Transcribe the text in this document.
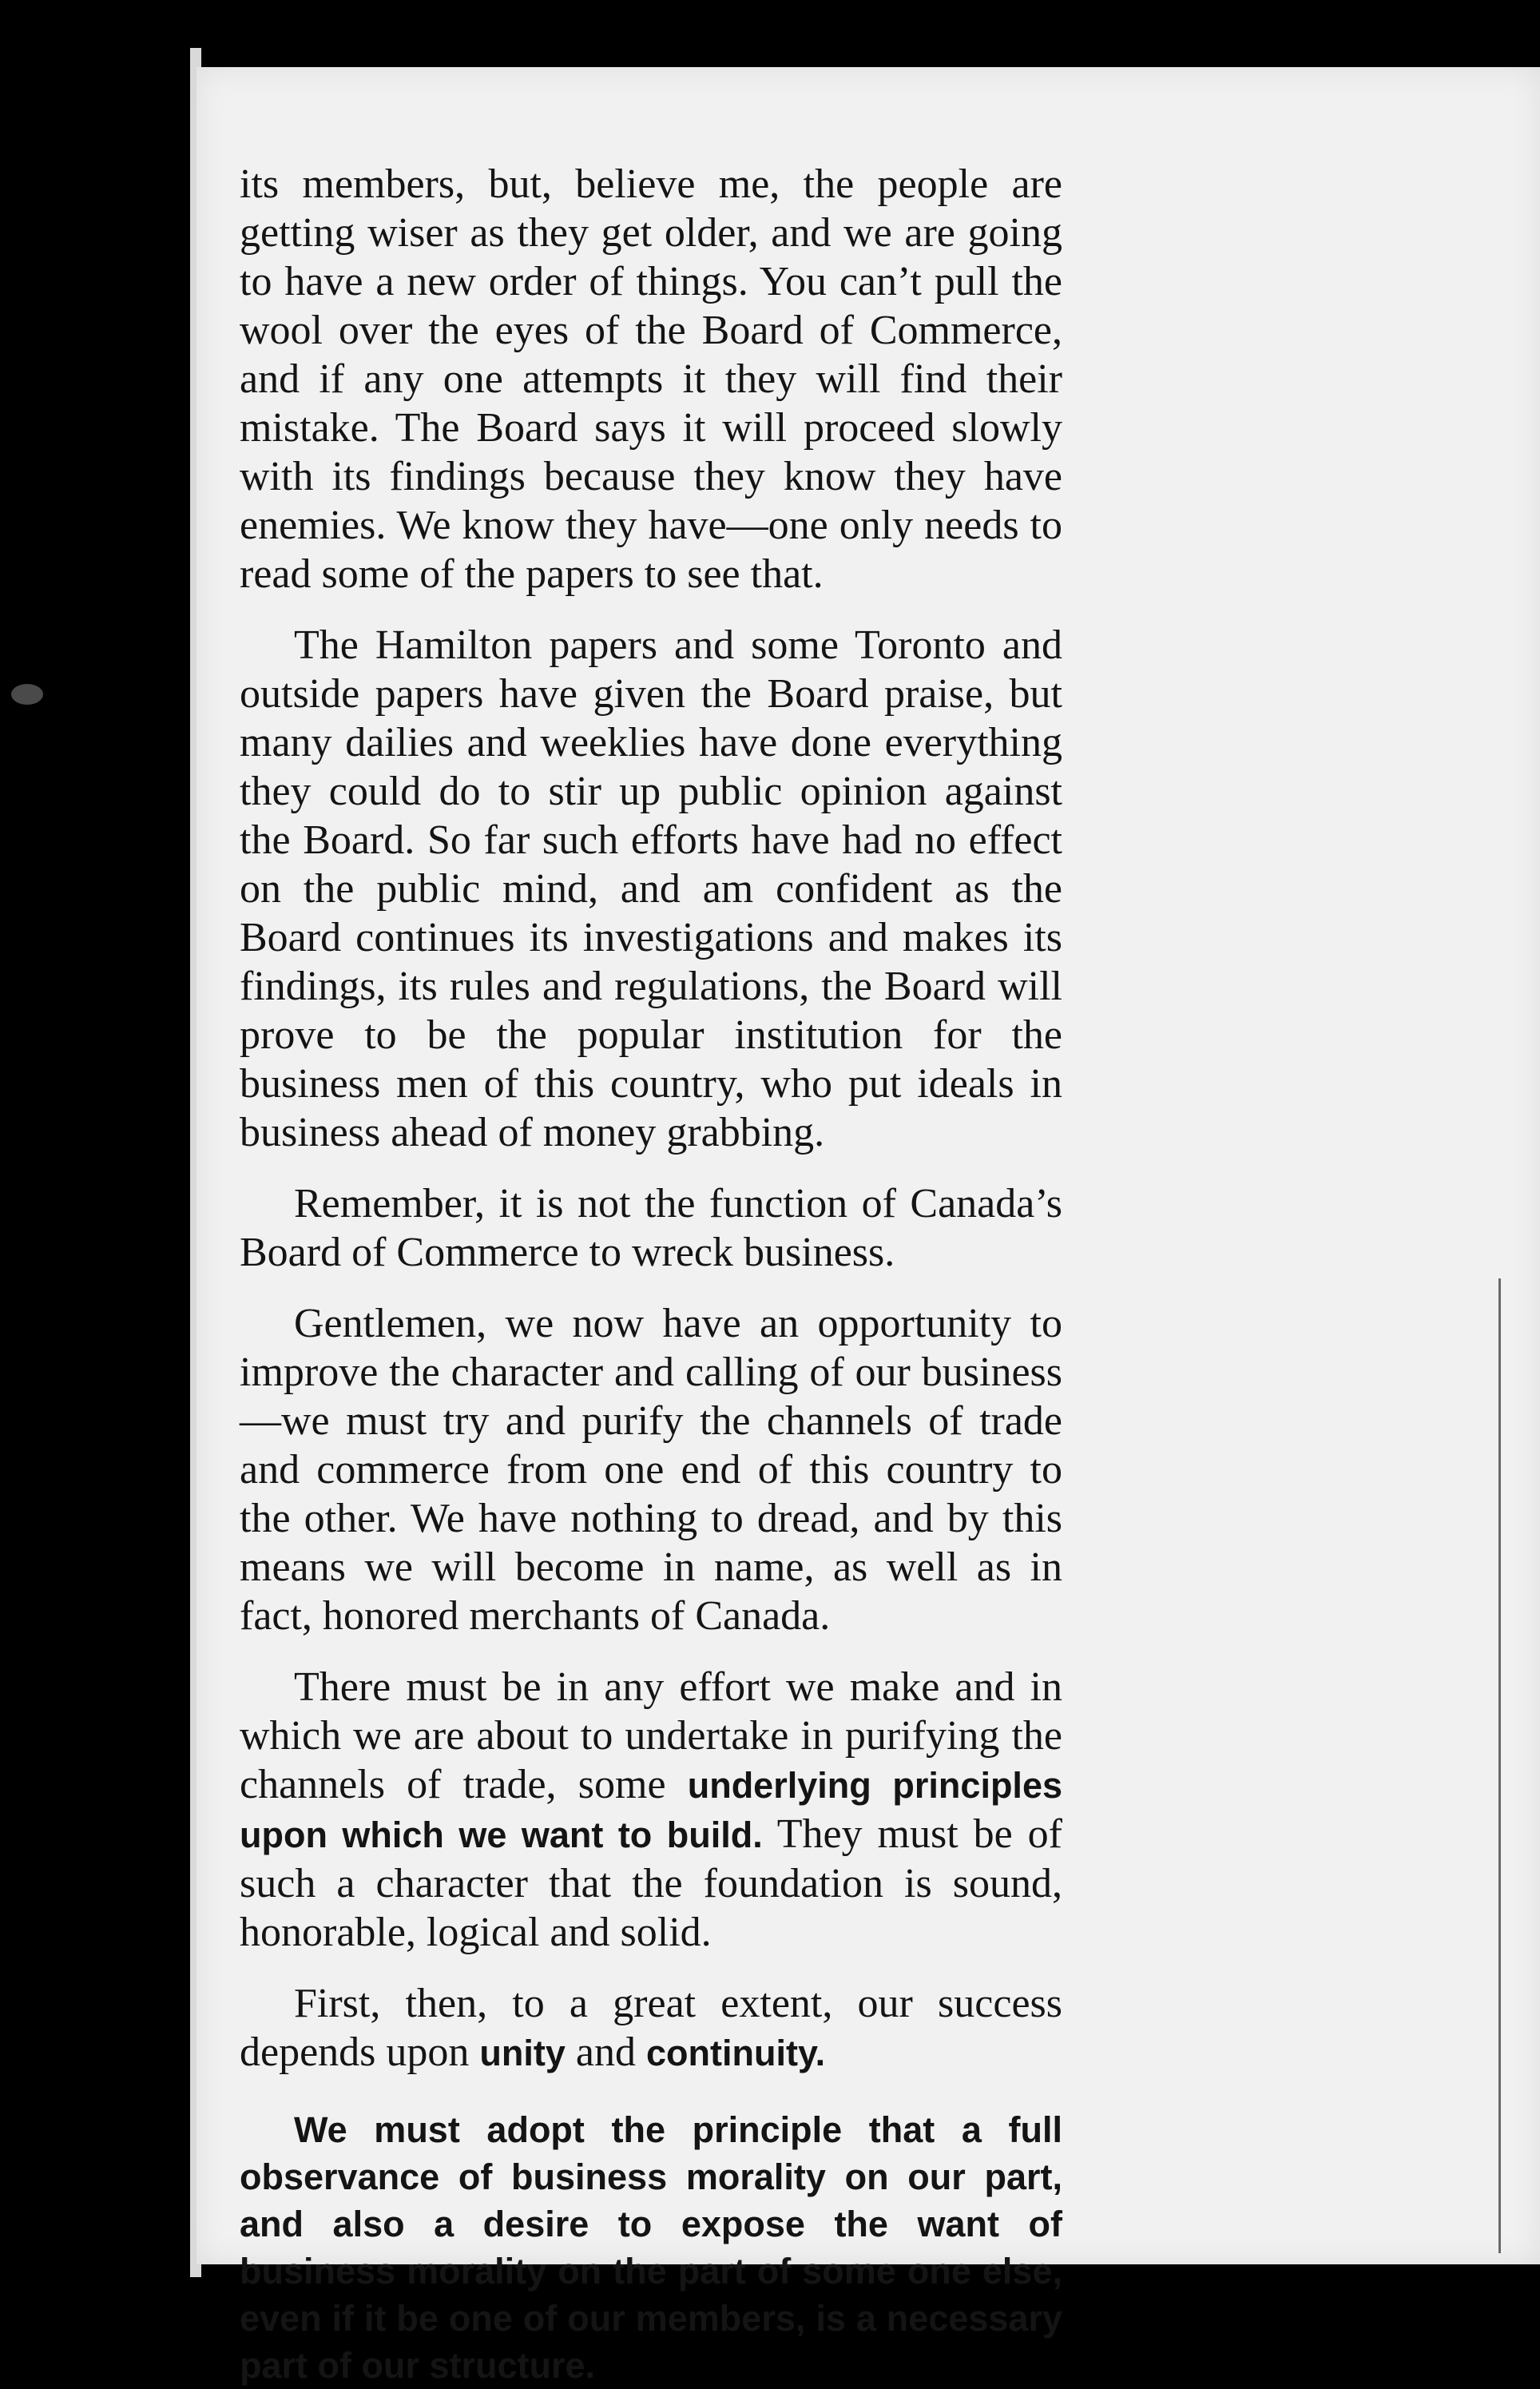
its members, but, believe me, the people are getting wiser as they get older, and we are going to have a new order of things. You can’t pull the wool over the eyes of the Board of Commerce, and if any one attempts it they will find their mistake. The Board says it will proceed slowly with its findings because they know they have enemies. We know they have—one only needs to read some of the papers to see that.

The Hamilton papers and some Toronto and outside papers have given the Board praise, but many dailies and weeklies have done everything they could do to stir up public opinion against the Board. So far such efforts have had no effect on the public mind, and am confident as the Board continues its investigations and makes its findings, its rules and regulations, the Board will prove to be the popular institution for the business men of this country, who put ideals in business ahead of money grabbing.

Remember, it is not the function of Canada’s Board of Commerce to wreck business.

Gentlemen, we now have an opportunity to improve the character and calling of our business—we must try and purify the channels of trade and commerce from one end of this country to the other. We have nothing to dread, and by this means we will become in name, as well as in fact, honored merchants of Canada.

There must be in any effort we make and in which we are about to undertake in purifying the channels of trade, some underlying principles upon which we want to build. They must be of such a character that the foundation is sound, honorable, logical and solid.

First, then, to a great extent, our success depends upon unity and continuity.

We must adopt the principle that a full observance of business morality on our part, and also a desire to expose the want of business morality on the part of some one else, even if it be one of our members, is a necessary part of our structure.
